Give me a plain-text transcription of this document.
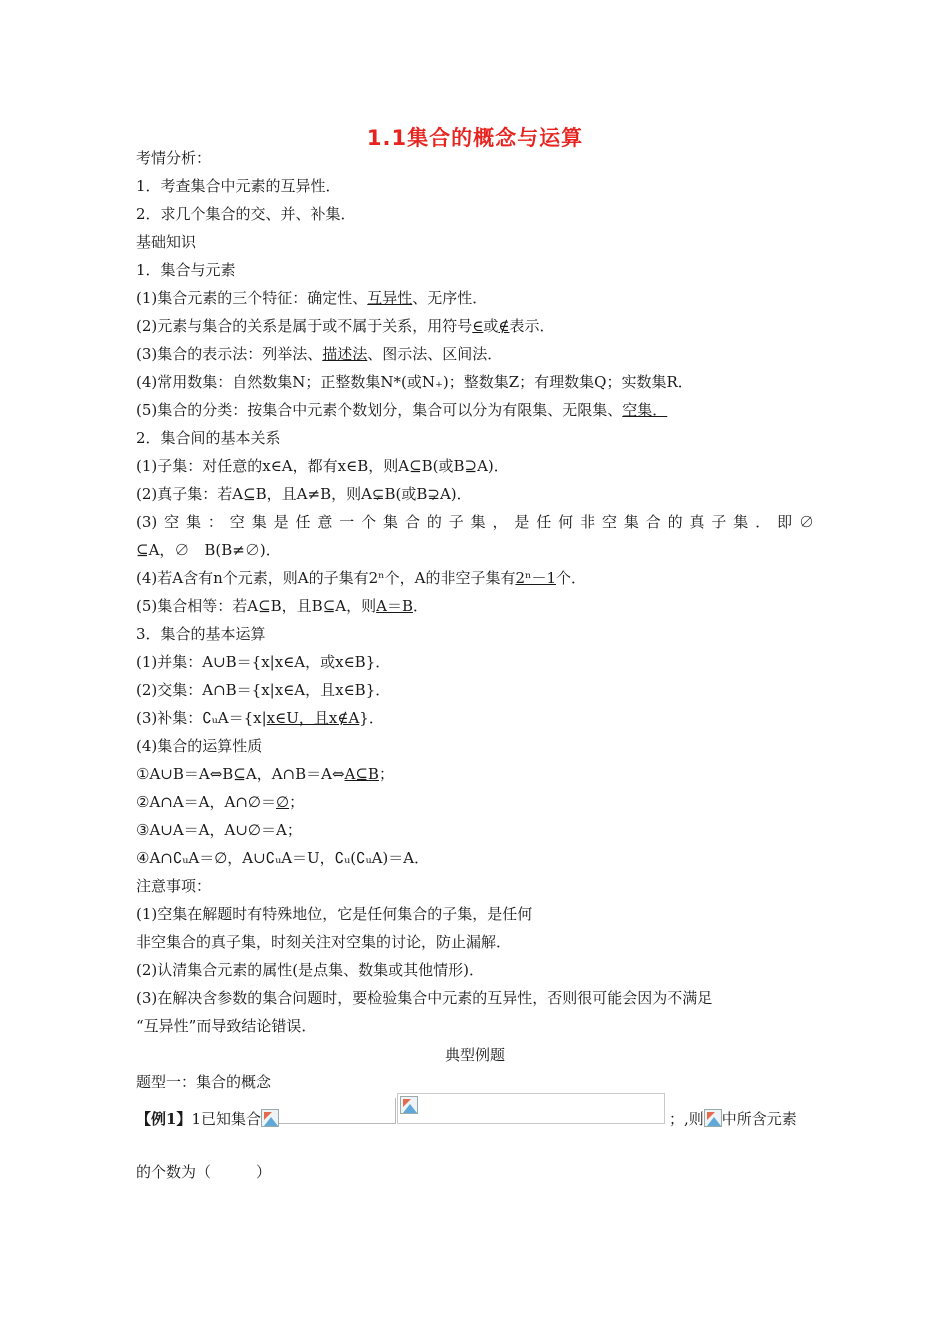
1.1集合的概念与运算
考情分析：
1．考查集合中元素的互异性．
2．求几个集合的交、并、补集．
基础知识
1．集合与元素
(1)集合元素的三个特征：确定性、互异性、无序性．
(2)元素与集合的关系是属于或不属于关系，用符号∈或∉表示．
(3)集合的表示法：列举法、描述法、图示法、区间法．
(4)常用数集：自然数集N；正整数集N*(或N₊)；整数集Z；有理数集Q；实数集R．
(5)集合的分类：按集合中元素个数划分，集合可以分为有限集、无限集、空集．
2．集合间的基本关系
(1)子集：对任意的x∈A，都有x∈B，则A⊆B(或B⊇A)．
(2)真子集：若A⊆B，且A≠B，则A⊊B(或B⊋A)．
(3)空集：空集是任意一个集合的子集，是任何非空集合的真子集．即∅
⊆A，∅　B(B≠∅)．
(4)若A含有n个元素，则A的子集有2ⁿ个，A的非空子集有2ⁿ－1个．
(5)集合相等：若A⊆B，且B⊆A，则A＝B．
3．集合的基本运算
(1)并集：A∪B＝{x|x∈A，或x∈B}．
(2)交集：A∩B＝{x|x∈A，且x∈B}．
(3)补集：∁ᵤA＝{x|x∈U，且x∉A}．
(4)集合的运算性质
①A∪B＝A⇔B⊆A，A∩B＝A⇔A⊆B；
②A∩A＝A，A∩∅＝∅；
③A∪A＝A，A∪∅＝A；
④A∩∁ᵤA＝∅，A∪∁ᵤA＝U，∁ᵤ(∁ᵤA)＝A．
注意事项：
(1)空集在解题时有特殊地位，它是任何集合的子集，是任何
非空集合的真子集，时刻关注对空集的讨论，防止漏解．
(2)认清集合元素的属性(是点集、数集或其他情形)．
(3)在解决含参数的集合问题时，要检验集合中元素的互异性，否则很可能会因为不满足
“互异性”而导致结论错误．
典型例题
题型一：集合的概念
【例1】1已知集合	；,则 中所含元素
的个数为（　　　）
